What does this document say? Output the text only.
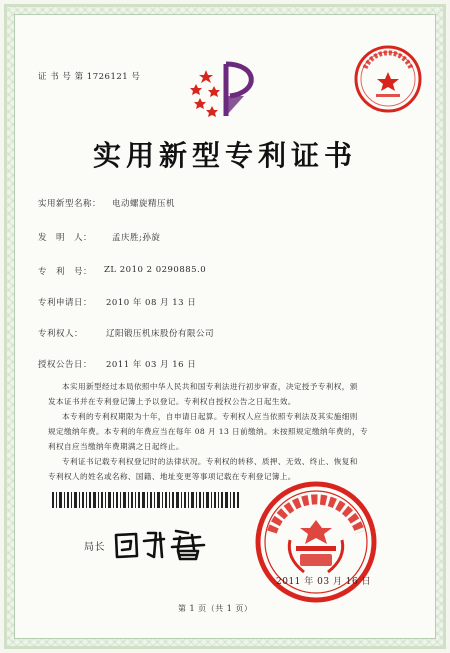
证 书 号 第 1726121 号
实用新型专利证书
实用新型名称： 电动螺旋精压机
发　明　人： 孟庆胜;孙旋
专　利　号： ZL 2010 2 0290885.0
专利申请日： 2010 年 08 月 13 日
专利权人：	辽阳锻压机床股份有限公司
授权公告日： 2011 年 03 月 16 日
本实用新型经过本局依照中华人民共和国专利法进行初步审查，决定授予专利权，颁
发本证书并在专利登记簿上予以登记。专利权自授权公告之日起生效。
本专利的专利权期限为十年，自申请日起算。专利权人应当依照专利法及其实施细则
规定缴纳年费。本专利的年费应当在每年 08 月 13 日前缴纳。未按照规定缴纳年费的，专
利权自应当缴纳年费期满之日起终止。
专利证书记载专利权登记时的法律状况。专利权的转移、质押、无效、终止、恢复和
专利权人的姓名或名称、国籍、地址变更等事项记载在专利登记簿上。
局长
2011 年 03 月 16 日
第 1 页（共 1 页）
